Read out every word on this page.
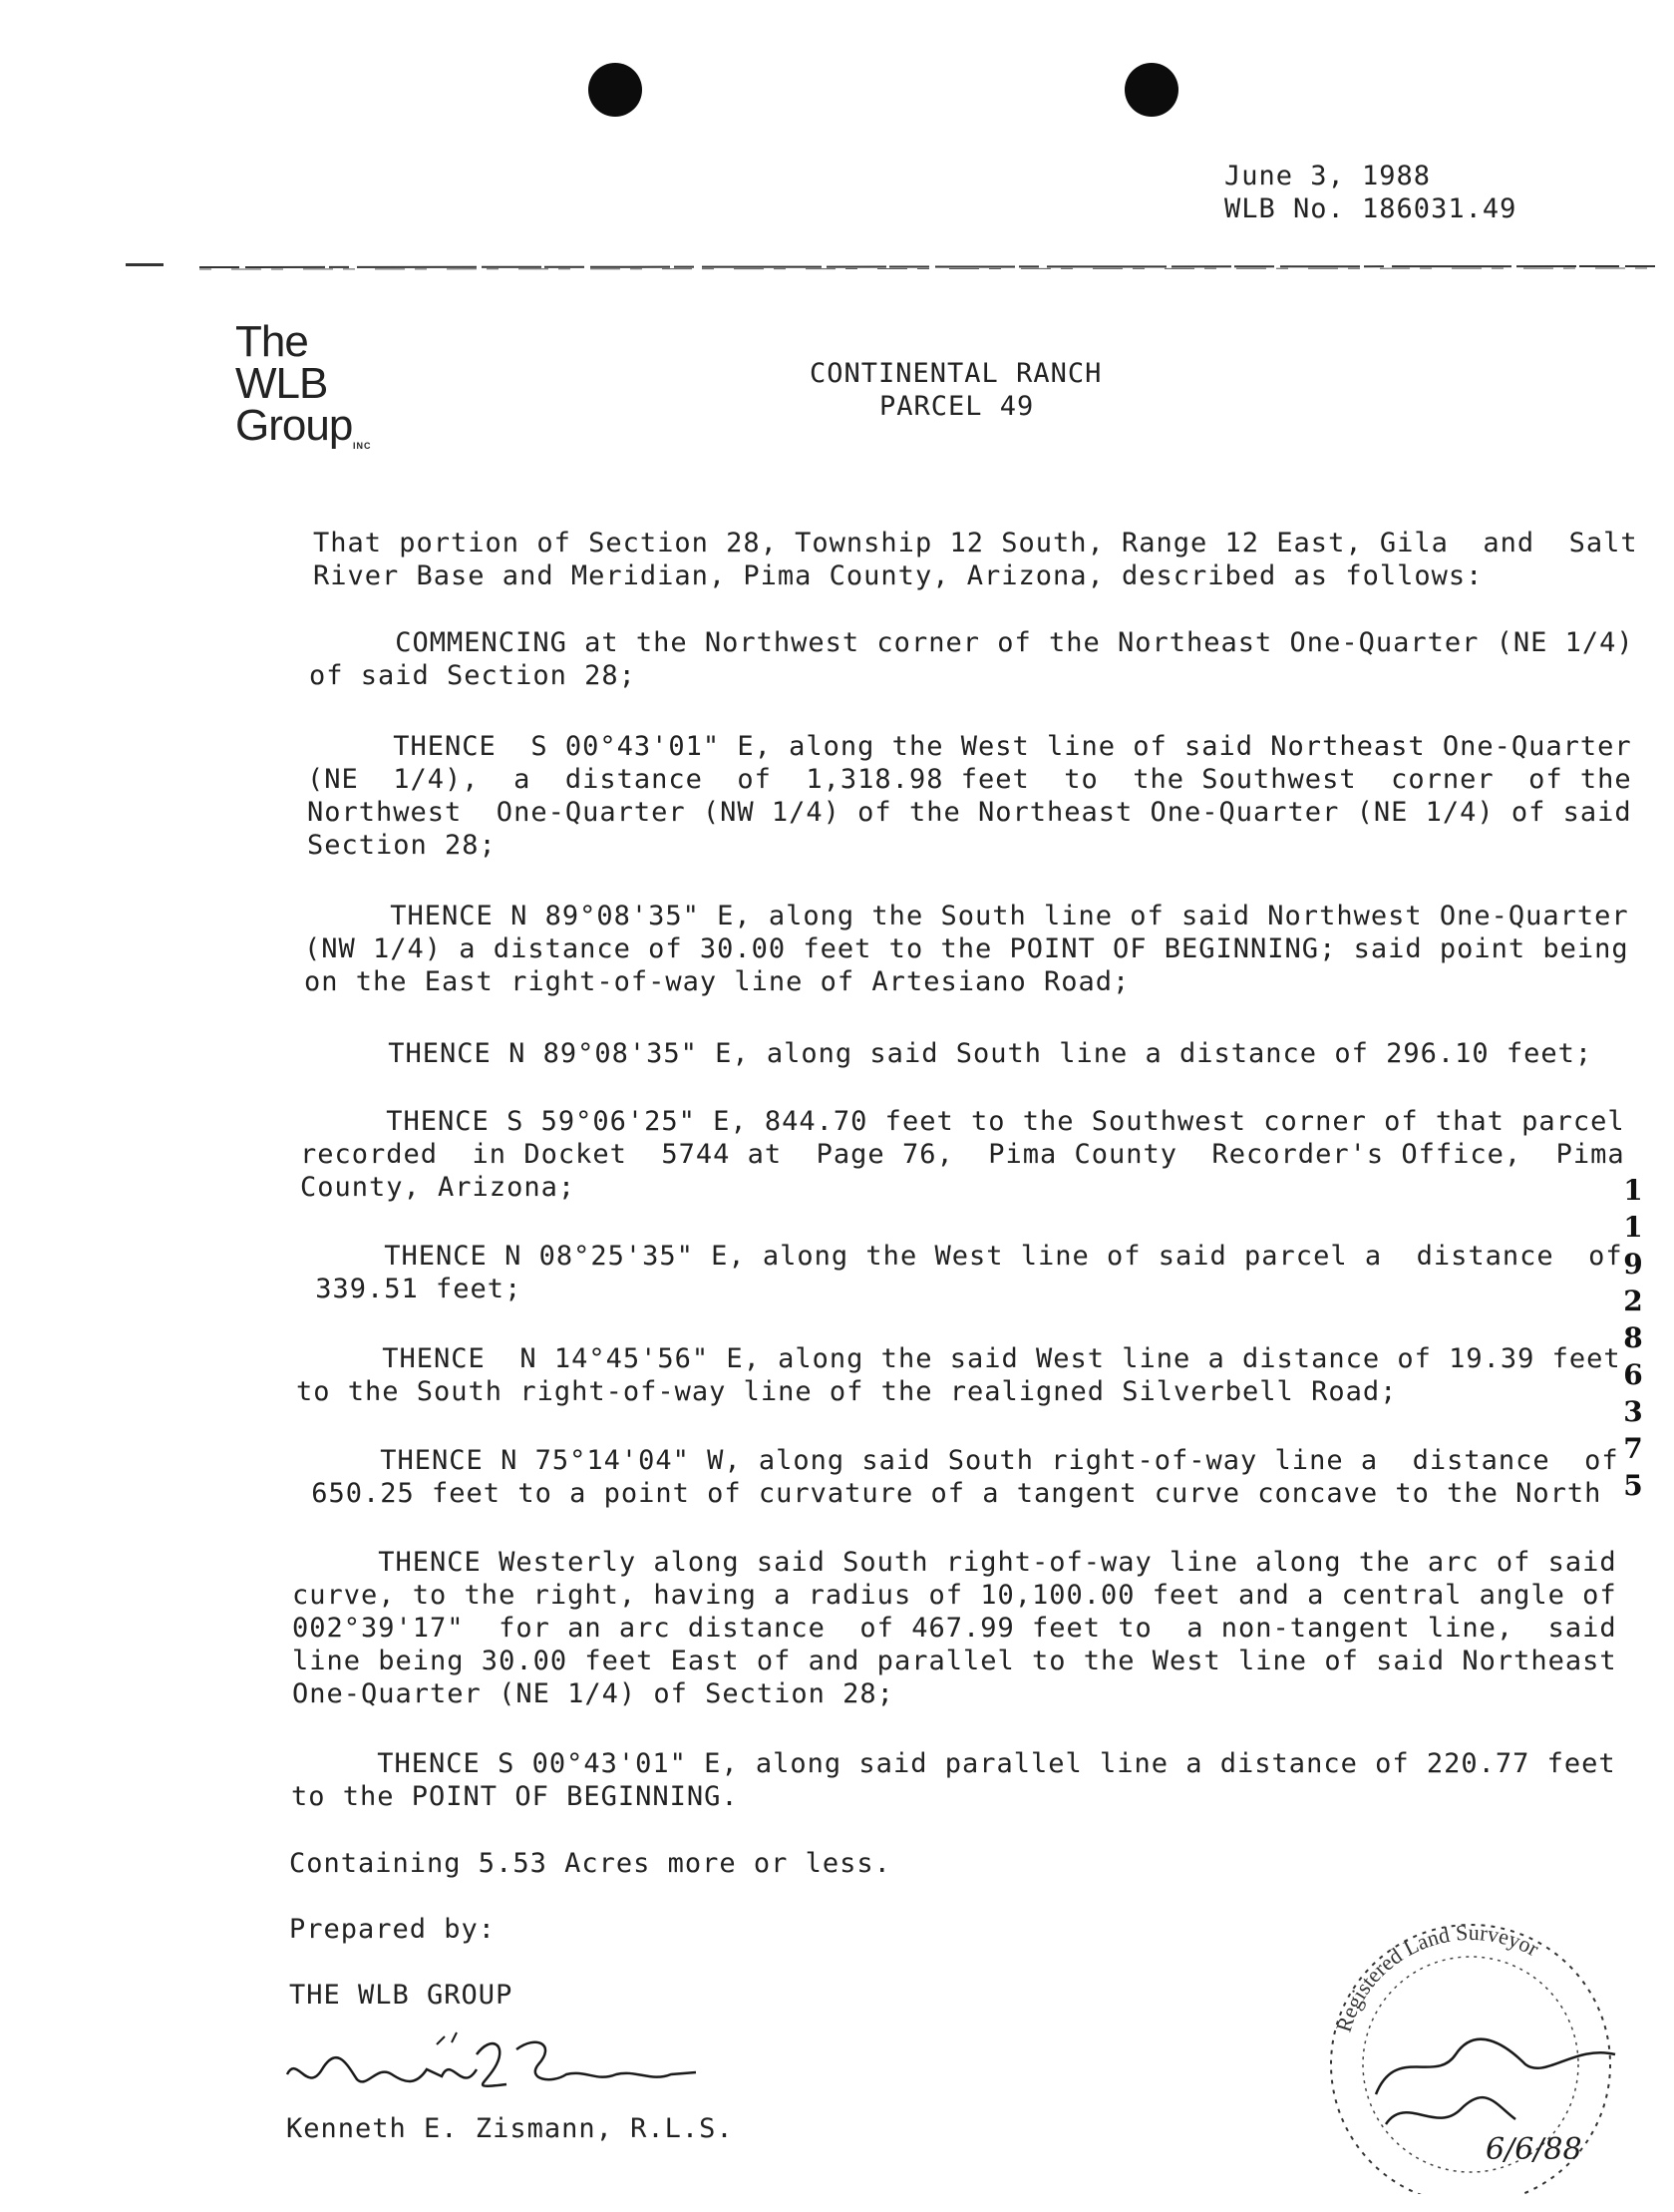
June 3, 1988
WLB No. 186031.49
The
WLB
Group INC
CONTINENTAL RANCH
PARCEL 49
That portion of Section 28, Township 12 South, Range 12 East, Gila  and  Salt
River Base and Meridian, Pima County, Arizona, described as follows:
COMMENCING at the Northwest corner of the Northeast One-Quarter (NE 1/4)
of said Section 28;
THENCE  S 00°43'01" E, along the West line of said Northeast One-Quarter
(NE  1/4),  a  distance  of  1,318.98 feet  to  the Southwest  corner  of the
Northwest  One-Quarter (NW 1/4) of the Northeast One-Quarter (NE 1/4) of said
Section 28;
THENCE N 89°08'35" E, along the South line of said Northwest One-Quarter
(NW 1/4) a distance of 30.00 feet to the POINT OF BEGINNING; said point being
on the East right-of-way line of Artesiano Road;
THENCE N 89°08'35" E, along said South line a distance of 296.10 feet;
THENCE S 59°06'25" E, 844.70 feet to the Southwest corner of that parcel
recorded  in Docket  5744 at  Page 76,  Pima County  Recorder's Office,  Pima
County, Arizona;
THENCE N 08°25'35" E, along the West line of said parcel a  distance  of
339.51 feet;
THENCE  N 14°45'56" E, along the said West line a distance of 19.39 feet
to the South right-of-way line of the realigned Silverbell Road;
THENCE N 75°14'04" W, along said South right-of-way line a  distance  of
650.25 feet to a point of curvature of a tangent curve concave to the North
THENCE Westerly along said South right-of-way line along the arc of said
curve, to the right, having a radius of 10,100.00 feet and a central angle of
002°39'17"  for an arc distance  of 467.99 feet to  a non-tangent line,  said
line being 30.00 feet East of and parallel to the West line of said Northeast
One-Quarter (NE 1/4) of Section 28;
THENCE S 00°43'01" E, along said parallel line a distance of 220.77 feet
to the POINT OF BEGINNING.
Containing 5.53 Acres more or less.
Prepared by:
THE WLB GROUP
Kenneth E. Zismann, R.L.S.
1
1
9
2
8
6
3
7
5
Registered Land Surveyor
6/6/88
